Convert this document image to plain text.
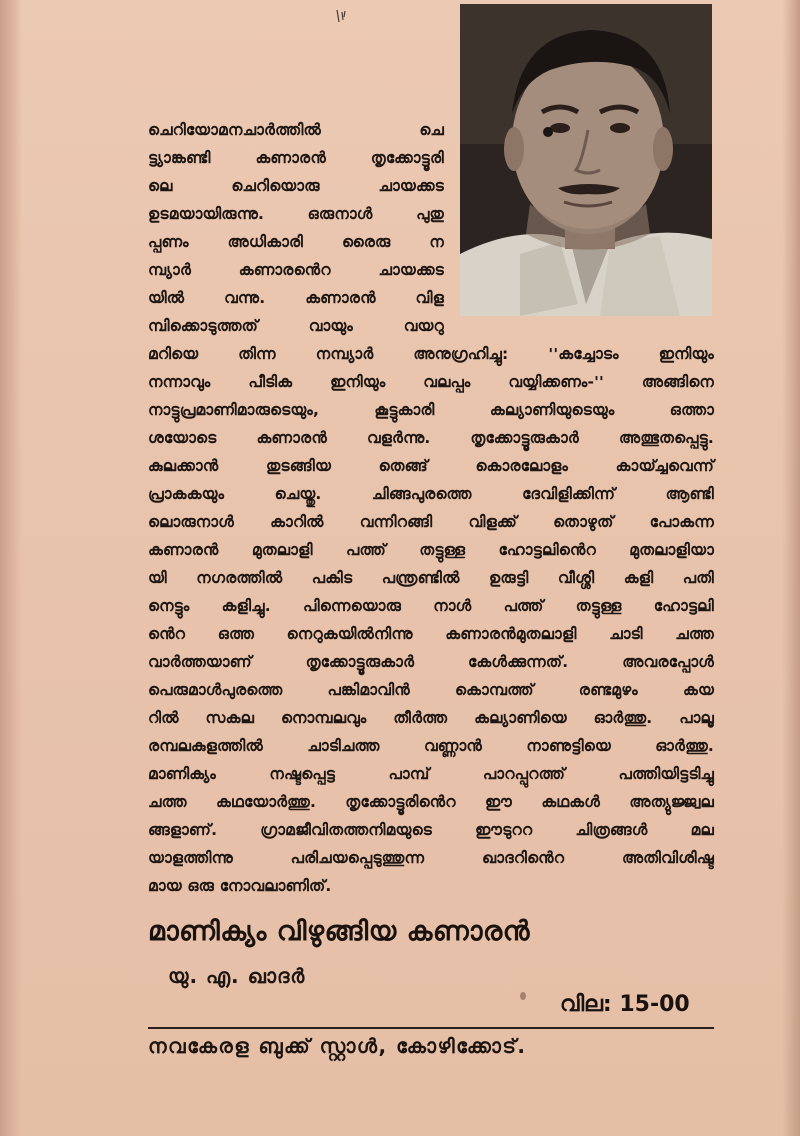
ചെറിയോമനചാർത്തിൽ ചെ
ട്ട്യാങ്കണ്ടി കണാരൻ തൃക്കോട്ടൂരി
ലെ ചെറിയൊരു ചായക്കട
ഉടമയായിരുന്നു. ഒരുനാൾ പുതു
പ്പണം അധികാരി രൈരു ന
മ്പ്യാർ കണാരൻെറ ചായക്കട
യിൽ വന്നു. കണാരൻ വിള
മ്പിക്കൊടുത്തത് വായും വയറു
മറിയെ തിന്ന നമ്പ്യാർ അനുഗ്രഹിച്ചു: ''കച്ചോടം ഇനിയും
നന്നാവും പീടിക ഇനിയും വലപ്പം വയ്യിക്കണം-'' അങ്ങിനെ
നാട്ടുപ്രമാണിമാരുടെയും, കൂട്ടുകാരി കല്യാണിയുടെയും ഒത്താ
ശയോടെ കണാരൻ വളർന്നു. തൃക്കോട്ടൂരുകാർ അത്ഭുതപ്പെട്ടു.
കുലക്കാൻ തുടങ്ങിയ തെങ്ങ് കൊരലോളം കായ്ച്ചവെന്ന്
പ്രാകകയും ചെയ്തു. ചിങ്ങപുരത്തെ ദേവിളിക്കിന്ന് ആണ്ടി
ലൊരുനാൾ കാറിൽ വന്നിറങ്ങി വിളക്ക് തൊഴുത് പോകന്ന
കണാരൻ മുതലാളി പത്ത് തട്ടുള്ള ഹോട്ടലിൻെറ മുതലാളിയാ
യി നഗരത്തിൽ പകിട പന്ത്രണ്ടിൽ ഉരുട്ടി വീശ്ശി കളി പതി
നെട്ടും കളിച്ചു. പിന്നെയൊരു നാൾ പത്ത് തട്ടുള്ള ഹോട്ടലി
ൻെറ ഒത്ത നെറുകയിൽനിന്നു കണാരൻമുതലാളി ചാടി ചത്ത
വാർത്തയാണ് തൃക്കോട്ടൂരുകാർ കേൾക്കുന്നത്. അവരപ്പോൾ
പെരുമാൾപുരത്തെ പങ്കിമാവിൻ കൊമ്പത്ത് രണ്ടമുഴം കയ
റിൽ സകല നൊമ്പലവും തീർത്ത കല്യാണിയെ ഓർത്തു. പാലൂ
രമ്പലകുളത്തിൽ ചാടിചത്ത വണ്ണാൻ നാണുട്ടിയെ ഓർത്തു.
മാണിക്യം നഷ്ടപ്പെട്ട പാമ്പ് പാറപ്പുറത്ത് പത്തിയിട്ടടിച്ചു
ചത്ത കഥയോർത്തു. തൃക്കോട്ടൂരിൻെറ ഈ കഥകൾ അത്യുജ്ജ്വല
ങ്ങളാണ്. ഗ്രാമജീവിതത്തനിമയുടെ ഈടുററ ചിത്രങ്ങൾ മല
യാളത്തിന്നു പരിചയപ്പെടുത്തുന്ന ഖാദറിൻെറ അതിവിശിഷ്ട
മായ ഒരു നോവലാണിത്.
മാണിക്യം വിഴുങ്ങിയ കണാരൻ
യു. എ. ഖാദർ
വില: 15-00
നവകേരള ബുക്ക് സ്റ്റാൾ, കോഴിക്കോട്.
